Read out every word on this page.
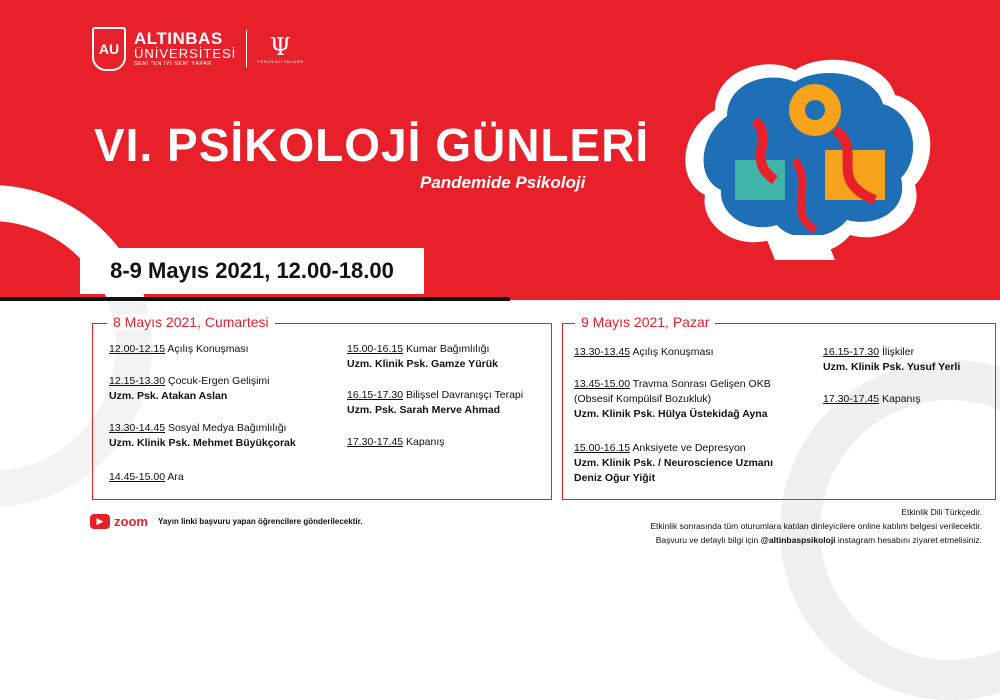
AU
ALTINBAS
ÜNİVERSİTESİ
SENİ "EN İYİ SEN" YAPAR
Ψ
PSİKOLOJİ KULÜBÜ
VI. PSİKOLOJİ GÜNLERİ
Pandemide Psikoloji
8-9 Mayıs 2021, 12.00-18.00
8 Mayıs 2021, Cumartesi
12.00-12.15 Açılış Konuşması
12.15-13.30 Çocuk-Ergen Gelişimi
Uzm. Psk. Atakan Aslan
13.30-14.45 Sosyal Medya Bağımlılığı
Uzm. Klinik Psk. Mehmet Büyükçorak
14.45-15.00 Ara
15.00-16.15 Kumar Bağımlılığı
Uzm. Klinik Psk. Gamze Yürük
16.15-17.30 Bilişsel Davranışçı Terapi
Uzm. Psk. Sarah Merve Ahmad
17.30-17.45 Kapanış
9 Mayıs 2021, Pazar
13.30-13.45 Açılış Konuşması
13.45-15.00 Travma Sonrası Gelişen OKB
(Obsesif Kompülsif Bozukluk)
Uzm. Klinik Psk. Hülya Üstekidağ Ayna
15.00-16.15 Anksiyete ve Depresyon
Uzm. Klinik Psk. / Neuroscience Uzmanı
Deniz Oğur Yiğit
16.15-17.30 İlişkiler
Uzm. Klinik Psk. Yusuf Yerli
17.30-17.45 Kapanış
▶ zoom Yayın linki başvuru yapan öğrencilere gönderilecektir.
Etkinlik Dili Türkçedir.
Etkinlik sonrasında tüm oturumlara katılan dinleyicilere online katılım belgesi verilecektir.
Başvuru ve detaylı bilgi için @altinbaspsikoloji instagram hesabını ziyaret etmelisiniz.
